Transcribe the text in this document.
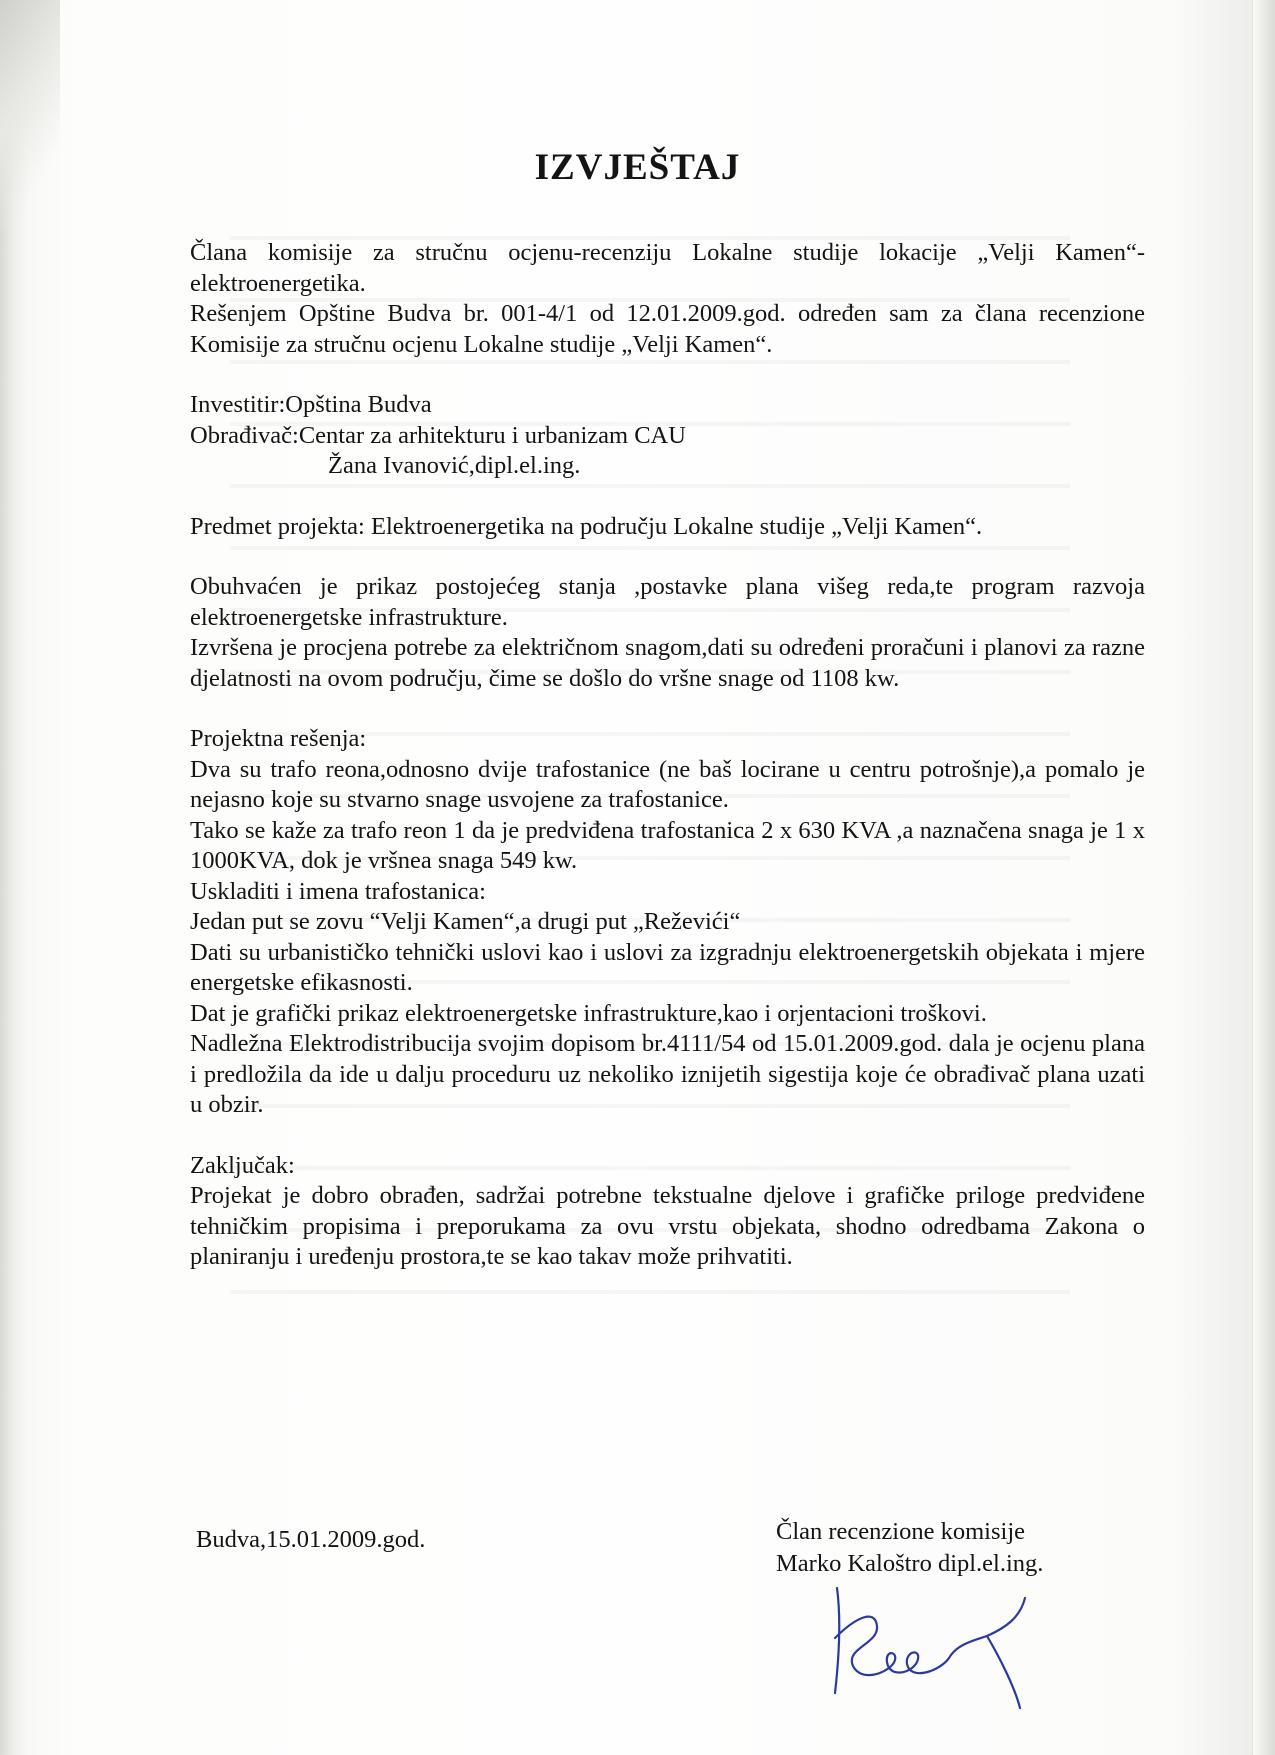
IZVJEŠTAJ

Člana komisije za stručnu ocjenu-recenziju Lokalne studije lokacije „Velji Kamen“-elektroenergetika.

Rešenjem Opštine Budva br. 001-4/1 od 12.01.2009.god. određen sam za člana recenzione Komisije za stručnu ocjenu Lokalne studije „Velji Kamen“.

Investitir:Opština Budva

Obrađivač: Centar za arhitekturu i urbanizam CAU

Žana Ivanović,dipl.el.ing.

Predmet projekta: Elektroenergetika na području Lokalne studije „Velji Kamen“.

Obuhvaćen je prikaz postojećeg stanja ,postavke plana višeg reda,te program razvoja elektroenergetske infrastrukture.

Izvršena je procjena potrebe za električnom snagom,dati su određeni proračuni i planovi za razne djelatnosti na ovom području, čime se došlo do vršne snage od 1108 kw.

Projektna rešenja:

Dva su trafo reona,odnosno dvije trafostanice (ne baš locirane u centru potrošnje),a pomalo je nejasno koje su stvarno snage usvojene za trafostanice.

Tako se kaže za trafo reon 1 da je predviđena trafostanica 2 x 630 KVA ,a naznačena snaga je 1 x 1000KVA, dok je vršnea snaga 549 kw.

Uskladiti i imena trafostanica:

Jedan put se zovu “Velji Kamen“,a drugi put „Reževići“

Dati su urbanističko tehnički uslovi kao i uslovi za izgradnju elektroenergetskih objekata i mjere energetske efikasnosti.

Dat je grafički prikaz elektroenergetske infrastrukture,kao i orjentacioni troškovi.

Nadležna Elektrodistribucija svojim dopisom br.4111/54 od 15.01.2009.god. dala je ocjenu plana i predložila da ide u dalju proceduru uz nekoliko iznijetih sigestija koje će obrađivač plana uzati u obzir.

Zaključak:

Projekat je dobro obrađen, sadržai potrebne tekstualne djelove i grafičke priloge predviđene tehničkim propisima i preporukama za ovu vrstu objekata, shodno odredbama Zakona o planiranju i uređenju prostora,te se kao takav može prihvatiti.

Budva,15.01.2009.god.	Član recenzione komisije
Marko Kaloštro dipl.el.ing.
